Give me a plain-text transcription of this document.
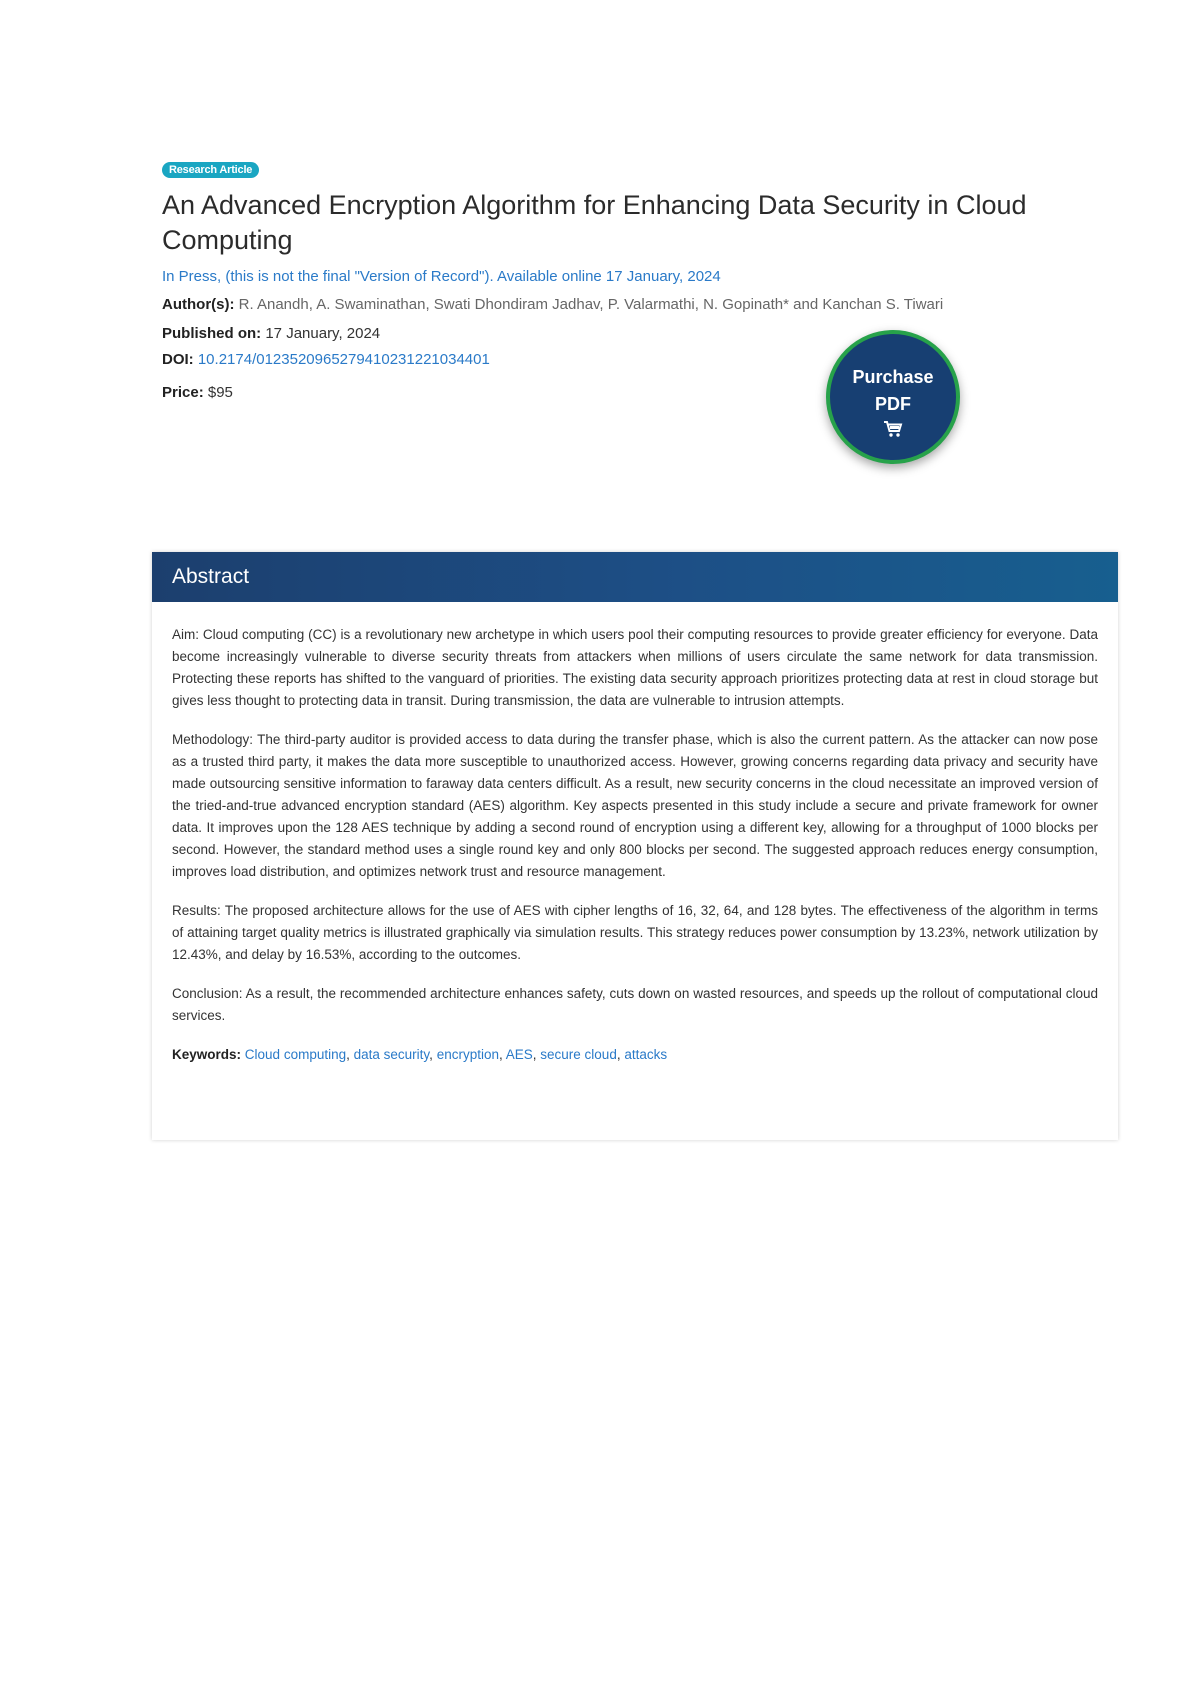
Research Article
An Advanced Encryption Algorithm for Enhancing Data Security in Cloud Computing
In Press, (this is not the final "Version of Record"). Available online 17 January, 2024
Author(s): R. Anandh, A. Swaminathan, Swati Dhondiram Jadhav, P. Valarmathi, N. Gopinath* and Kanchan S. Tiwari
Published on: 17 January, 2024
DOI: 10.2174/0123520965279410231221034401
Price: $95
Purchase
PDF
Abstract

Aim: Cloud computing (CC) is a revolutionary new archetype in which users pool their computing resources to provide greater efficiency for everyone. Data become increasingly vulnerable to diverse security threats from attackers when millions of users circulate the same network for data transmission. Protecting these reports has shifted to the vanguard of priorities. The existing data security approach prioritizes protecting data at rest in cloud storage but gives less thought to protecting data in transit. During transmission, the data are vulnerable to intrusion attempts.

Methodology: The third-party auditor is provided access to data during the transfer phase, which is also the current pattern. As the attacker can now pose as a trusted third party, it makes the data more susceptible to unauthorized access. However, growing concerns regarding data privacy and security have made outsourcing sensitive information to faraway data centers difficult. As a result, new security concerns in the cloud necessitate an improved version of the tried-and-true advanced encryption standard (AES) algorithm. Key aspects presented in this study include a secure and private framework for owner data. It improves upon the 128 AES technique by adding a second round of encryption using a different key, allowing for a throughput of 1000 blocks per second. However, the standard method uses a single round key and only 800 blocks per second. The suggested approach reduces energy consumption, improves load distribution, and optimizes network trust and resource management.

Results: The proposed architecture allows for the use of AES with cipher lengths of 16, 32, 64, and 128 bytes. The effectiveness of the algorithm in terms of attaining target quality metrics is illustrated graphically via simulation results. This strategy reduces power consumption by 13.23%, network utilization by 12.43%, and delay by 16.53%, according to the outcomes.

Conclusion: As a result, the recommended architecture enhances safety, cuts down on wasted resources, and speeds up the rollout of computational cloud services.

Keywords: Cloud computing, data security, encryption, AES, secure cloud, attacks
